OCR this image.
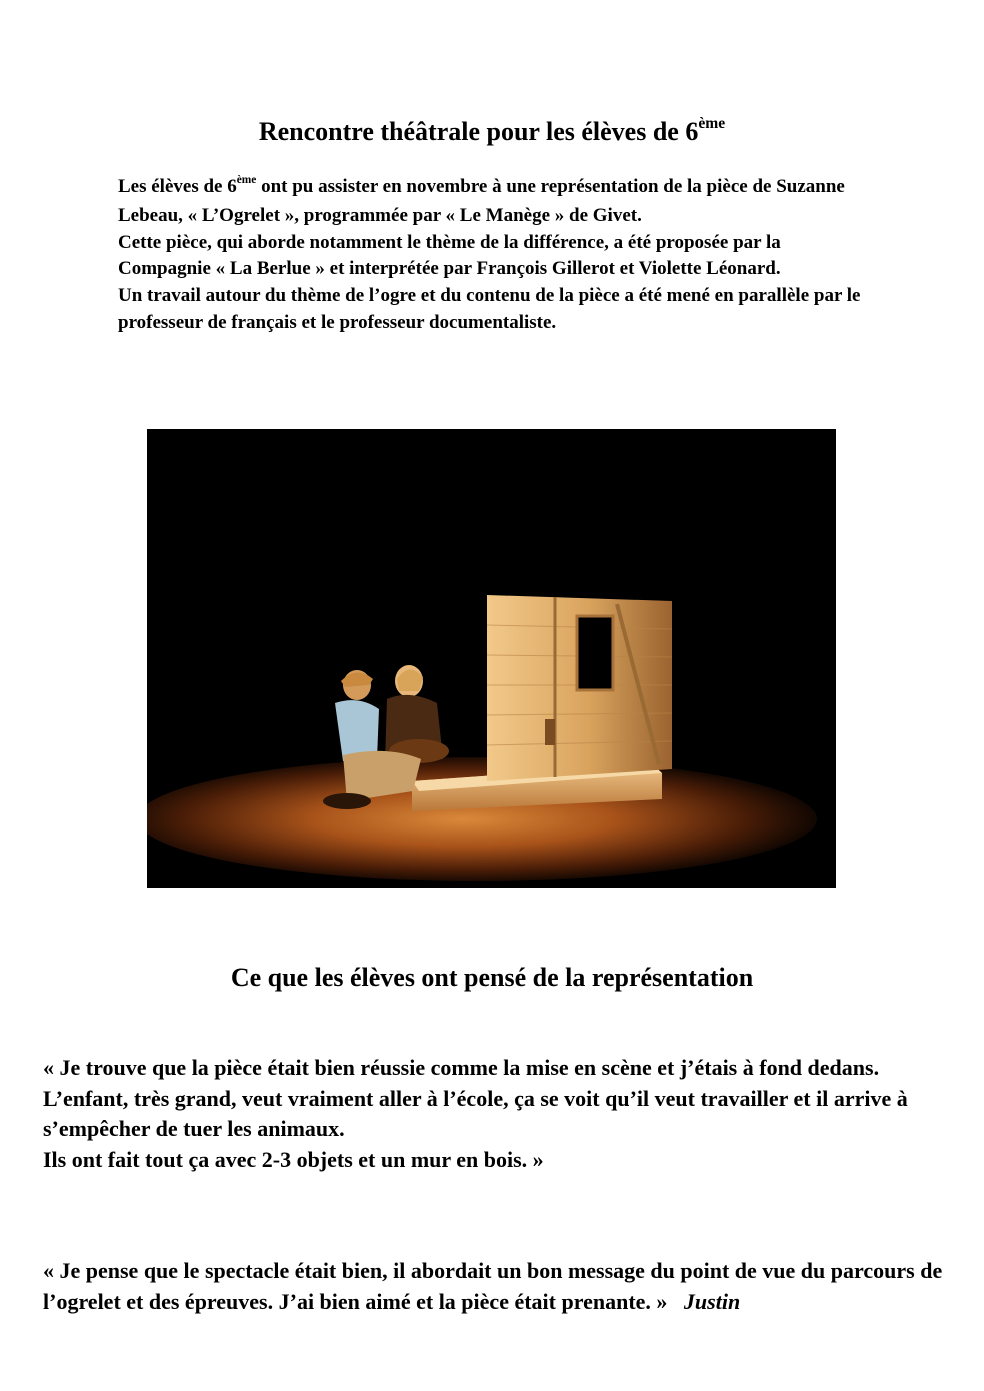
Rencontre théâtrale pour les élèves de 6ème

Les élèves de 6ème ont pu assister en novembre à une représentation de la pièce de Suzanne Lebeau, « L’Ogrelet », programmée par « Le Manège » de Givet.

Cette pièce, qui aborde notamment le thème de la différence, a été proposée par la Compagnie « La Berlue » et interprétée par François Gillerot et Violette Léonard.

Un travail autour du thème de l’ogre et du contenu de la pièce a été mené en parallèle par le professeur de français et le professeur documentaliste.

Ce que les élèves ont pensé de la représentation

« Je trouve que la pièce était bien réussie comme la mise en scène et j’étais à fond dedans.

L’enfant, très grand, veut vraiment aller à l’école, ça se voit qu’il veut travailler et il arrive à s’empêcher de tuer les animaux.

Ils ont fait tout ça avec 2-3 objets et un mur en bois. »

« Je pense que le spectacle était bien, il abordait un bon message du point de vue du parcours de l’ogrelet et des épreuves. J’ai bien aimé et la pièce était prenante. » Justin
